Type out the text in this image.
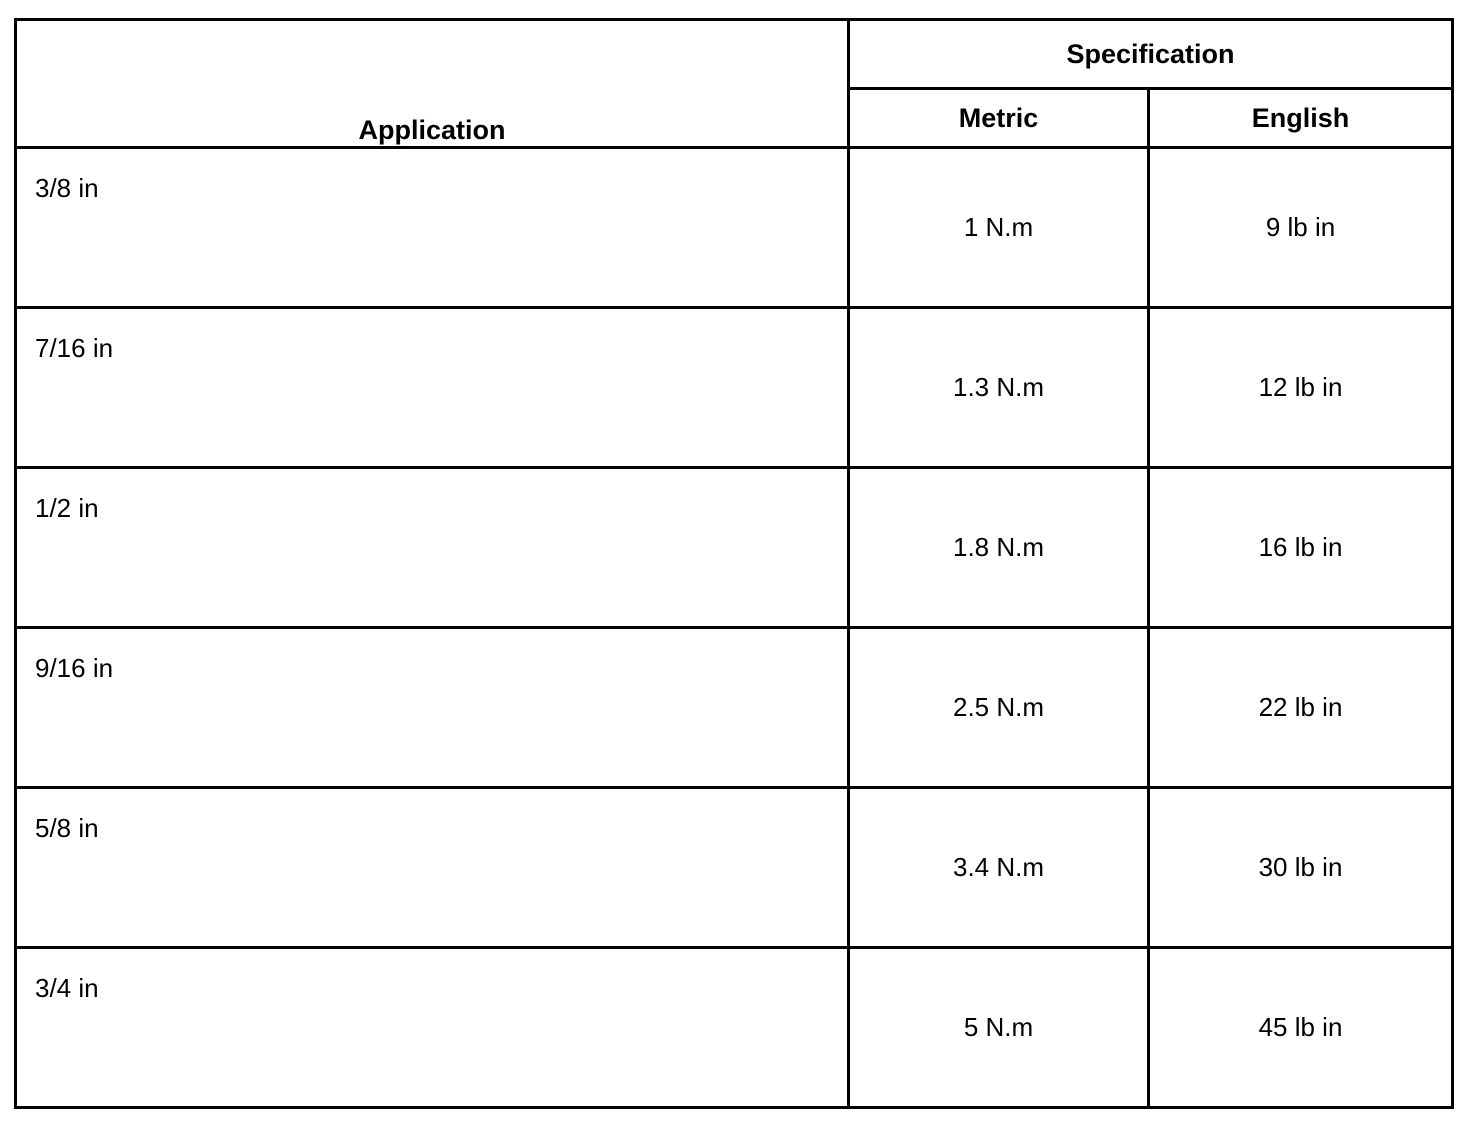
Application	Specification	
	Metric	English

3/8 in	1 N.m	9 lb in

7/16 in	1.3 N.m	12 lb in

1/2 in	1.8 N.m	16 lb in

9/16 in	2.5 N.m	22 lb in

5/8 in	3.4 N.m	30 lb in

3/4 in	5 N.m	45 lb in
